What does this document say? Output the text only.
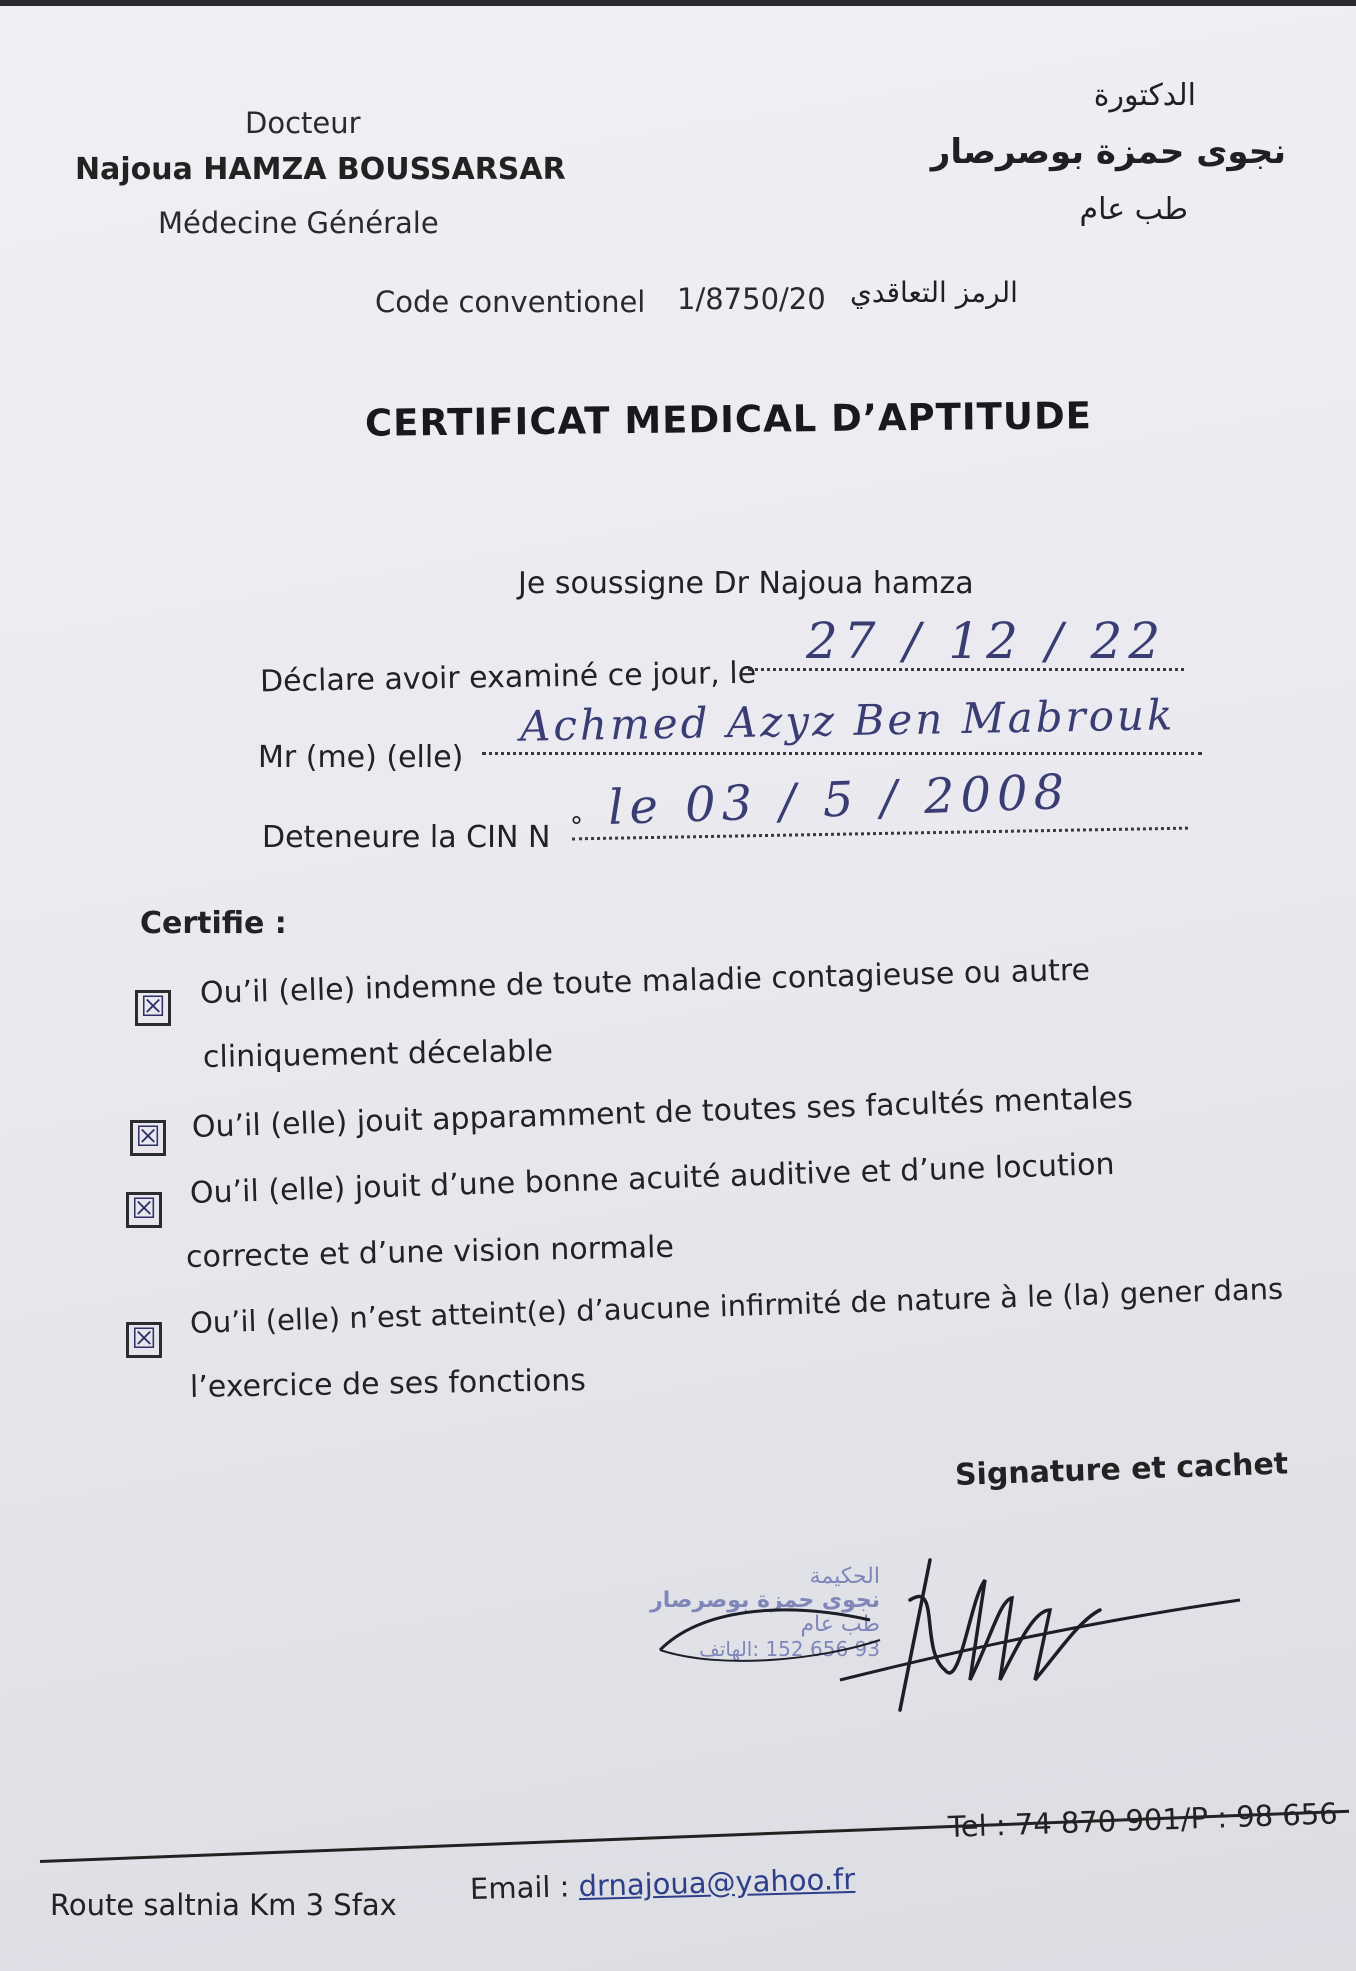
Docteur
Najoua HAMZA BOUSSARSAR
Médecine Générale
الدكتورة
نجوى حمزة بوصرصار
طب عام
Code conventionel 1/8750/20 الرمز التعاقدي
CERTIFICAT MEDICAL D’APTITUDE
Je soussigne Dr Najoua hamza
Déclare avoir examiné ce jour, le
27 / 12 / 22
Mr (me) (elle)
Achmed Azyz Ben Mabrouk
Deteneure la CIN N ° le 03 / 5 / 2008
Certifie :
☒ Ou’il (elle) indemne de toute maladie contagieuse ou autre
cliniquement décelable
☒ Ou’il (elle) jouit apparamment de toutes ses facultés mentales
☒ Ou’il (elle) jouit d’une bonne acuité auditive et d’une locution
correcte et d’une vision normale
☒ Ou’il (elle) n’est atteint(e) d’aucune infirmité de nature à le (la) gener dans
l’exercice de ses fonctions
Signature et cachet
الحكيمة
نجوى حمزة بوصرصار
طب عام
93 656 152 :الهاتف
Route saltnia Km 3 Sfax	Email : drnajoua@yahoo.fr
Tel : 74 870 901/P : 98 656
